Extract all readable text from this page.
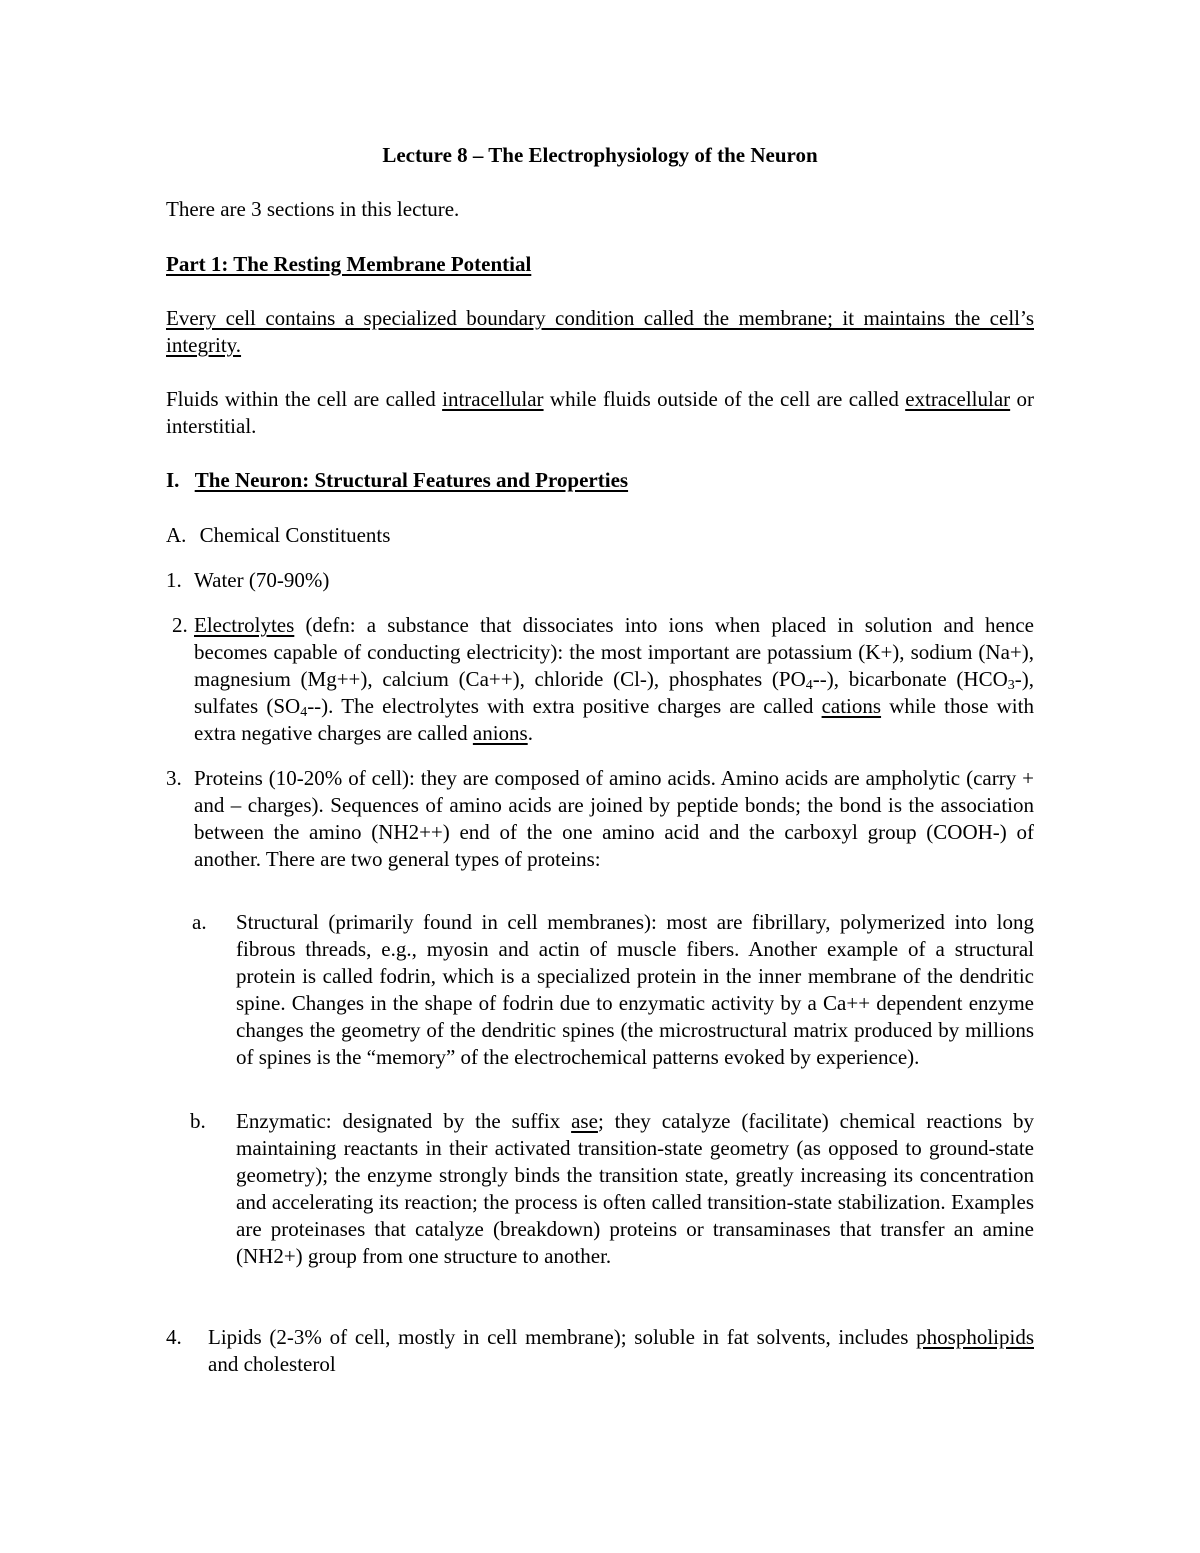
Lecture 8 – The Electrophysiology of the Neuron

There are 3 sections in this lecture.

Part 1: The Resting Membrane Potential

Every cell contains a specialized boundary condition called the membrane; it maintains the cell’s integrity.

Fluids within the cell are called intracellular while fluids outside of the cell are called extracellular or interstitial.

I. The Neuron: Structural Features and Properties
A. Chemical Constituents
1. Water (70-90%)

2. Electrolytes (defn: a substance that dissociates into ions when placed in solution and hence becomes capable of conducting electricity): the most important are potassium (K+), sodium (Na+), magnesium (Mg++), calcium (Ca++), chloride (Cl-), phosphates $(PO_4--)$, bicarbonate $(HCO_3-)$, sulfates $(SO_4--)$. The electrolytes with extra positive charges are called cations while those with extra negative charges are called anions.

3. Proteins (10-20% of cell): they are composed of amino acids. Amino acids are ampholytic (carry + and – charges). Sequences of amino acids are joined by peptide bonds; the bond is the association between the amino (NH2++) end of the one amino acid and the carboxyl group (COOH-) of another. There are two general types of proteins:

a. Structural (primarily found in cell membranes): most are fibrillary, polymerized into long fibrous threads, e.g., myosin and actin of muscle fibers. Another example of a structural protein is called fodrin, which is a specialized protein in the inner membrane of the dendritic spine. Changes in the shape of fodrin due to enzymatic activity by a Ca++ dependent enzyme changes the geometry of the dendritic spines (the microstructural matrix produced by millions of spines is the “memory” of the electrochemical patterns evoked by experience).

b. Enzymatic: designated by the suffix ase; they catalyze (facilitate) chemical reactions by maintaining reactants in their activated transition-state geometry (as opposed to ground-state geometry); the enzyme strongly binds the transition state, greatly increasing its concentration and accelerating its reaction; the process is often called transition-state stabilization. Examples are proteinases that catalyze (breakdown) proteins or transaminases that transfer an amine (NH2+) group from one structure to another.

4. Lipids (2-3% of cell, mostly in cell membrane); soluble in fat solvents, includes phospholipids and cholesterol
